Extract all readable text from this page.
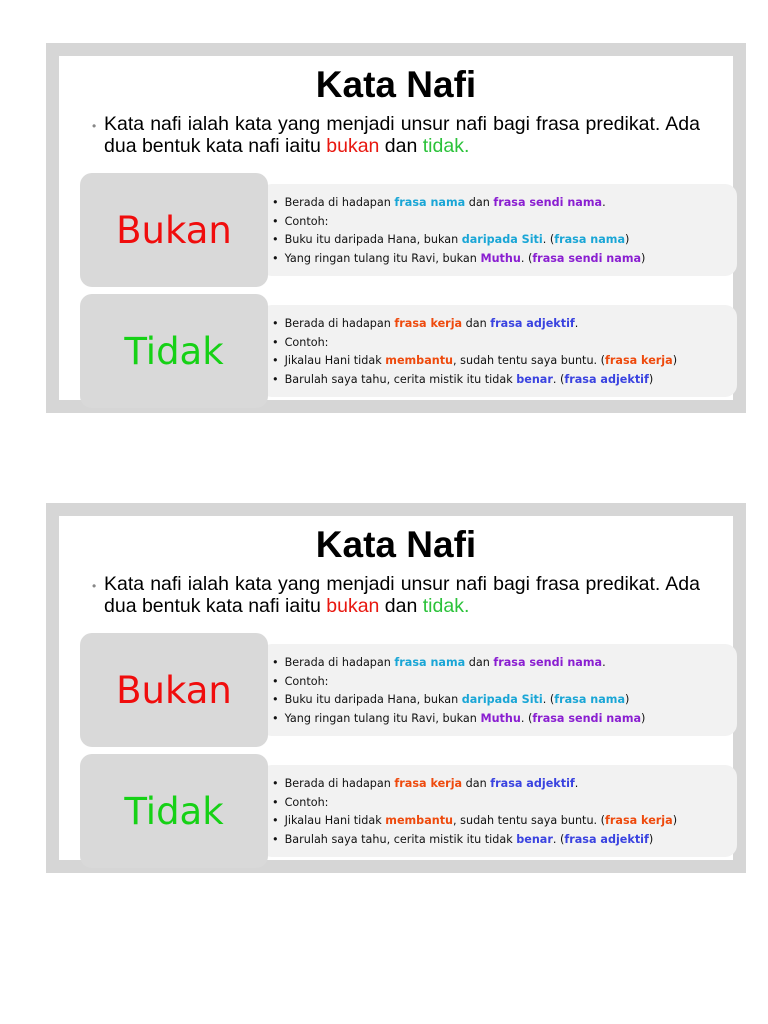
Kata Nafi
• Kata nafi ialah kata yang menjadi unsur nafi bagi frasa predikat. Ada dua bentuk kata nafi iaitu bukan dan tidak.
Bukan
• Berada di hadapan frasa nama dan frasa sendi nama.
• Contoh:
• Buku itu daripada Hana, bukan daripada Siti. (frasa nama)
• Yang ringan tulang itu Ravi, bukan Muthu. (frasa sendi nama)
Tidak
• Berada di hadapan frasa kerja dan frasa adjektif.
• Contoh:
• Jikalau Hani tidak membantu, sudah tentu saya buntu. (frasa kerja)
• Barulah saya tahu, cerita mistik itu tidak benar. (frasa adjektif)
Kata Nafi
• Kata nafi ialah kata yang menjadi unsur nafi bagi frasa predikat. Ada dua bentuk kata nafi iaitu bukan dan tidak.
Bukan
• Berada di hadapan frasa nama dan frasa sendi nama.
• Contoh:
• Buku itu daripada Hana, bukan daripada Siti. (frasa nama)
• Yang ringan tulang itu Ravi, bukan Muthu. (frasa sendi nama)
Tidak
• Berada di hadapan frasa kerja dan frasa adjektif.
• Contoh:
• Jikalau Hani tidak membantu, sudah tentu saya buntu. (frasa kerja)
• Barulah saya tahu, cerita mistik itu tidak benar. (frasa adjektif)
